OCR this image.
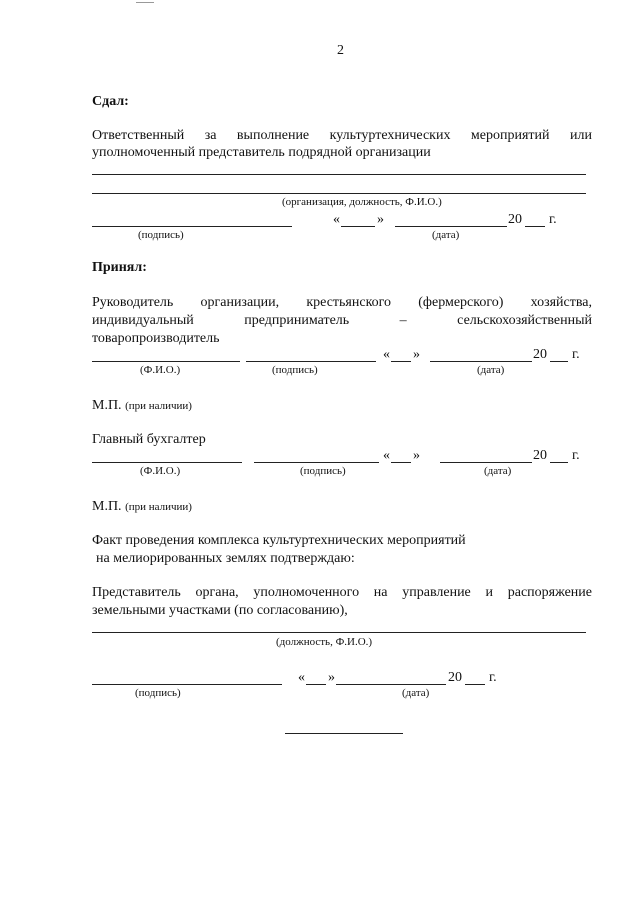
2
Сдал:
Ответственный за выполнение культуртехнических мероприятий или
уполномоченный представитель подрядной организации
(организация, должность, Ф.И.О.)
«	»	20 г.
(подпись)	(дата)
Принял:
Руководитель организации, крестьянского (фермерского) хозяйства,
индивидуальный предприниматель – сельскохозяйственный
товаропроизводитель
« »	20 г.
(Ф.И.О.)	(подпись)	(дата)
М.П. (при наличии)
Главный бухгалтер
« »	20 г.
(Ф.И.О.)	(подпись)	(дата)
М.П. (при наличии)
Факт проведения комплекса культуртехнических мероприятий
на мелиорированных землях подтверждаю:
Представитель органа, уполномоченного на управление и распоряжение
земельными участками (по согласованию),
(должность, Ф.И.О.)
« »	20 г.
(подпись)	(дата)
